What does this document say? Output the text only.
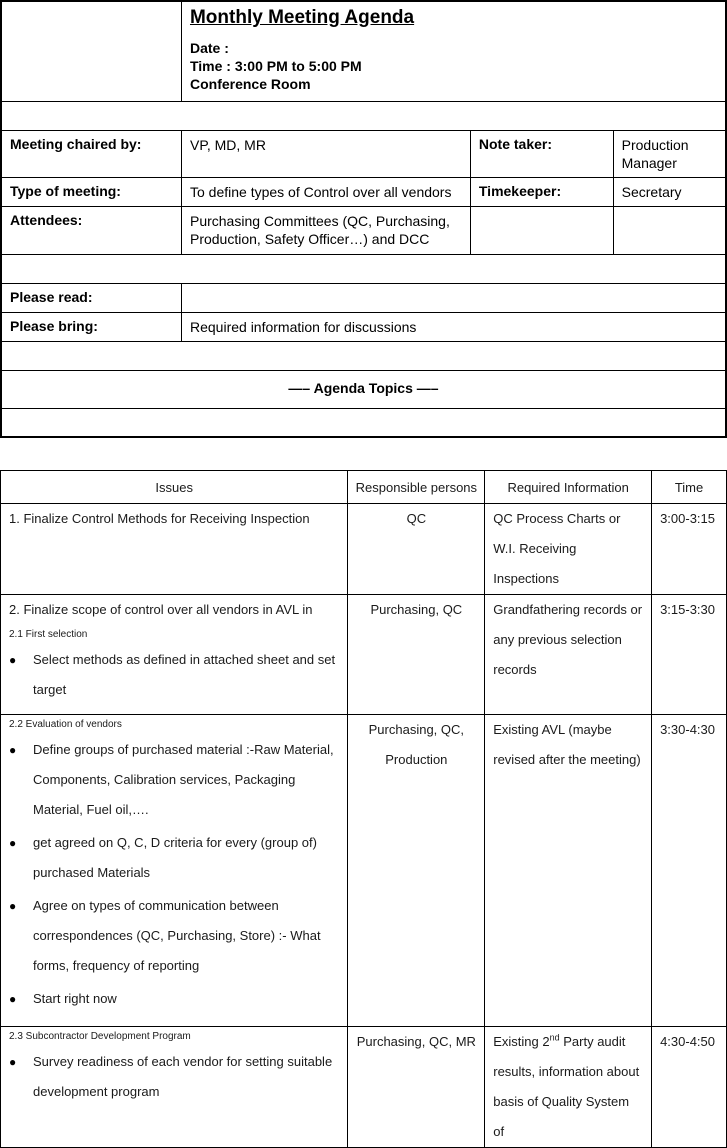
	Monthly Meeting Agenda
Date :
Time : 3:00 PM to 5:00 PM
Conference Room		

Meeting chaired by:	VP, MD, MR	Note taker:	Production Manager
Type of meeting:	To define types of Control over all vendors	Timekeeper:	Secretary
Attendees:	Purchasing Committees (QC, Purchasing, Production, Safety Officer…) and DCC		

Please read:			
Please bring:	Required information for discussions		

—– Agenda Topics —–			

Issues	Responsible persons	Required Information	Time
1. Finalize Control Methods for Receiving Inspection	QC	QC Process Charts or W.I. Receiving Inspections	3:00-3:15

2. Finalize scope of control over all vendors in AVL in
2.1 First selection
● Select methods as defined in attached sheet and set target	Purchasing, QC	Grandfathering records or any previous selection records	3:15-3:30

2.2 Evaluation of vendors
● Define groups of purchased material :-Raw Material, Components, Calibration services, Packaging Material, Fuel oil,….
● get agreed on Q, C, D criteria for every (group of) purchased Materials
● Agree on types of communication between correspondences (QC, Purchasing, Store) :- What forms, frequency of reporting
● Start right now	Purchasing, QC, Production	Existing AVL (maybe revised after the meeting)	3:30-4:30

2.3 Subcontractor Development Program
● Survey readiness of each vendor for setting suitable development program	Purchasing, QC, MR	Existing 2nd Party audit results, information about basis of Quality System of	4:30-4:50
